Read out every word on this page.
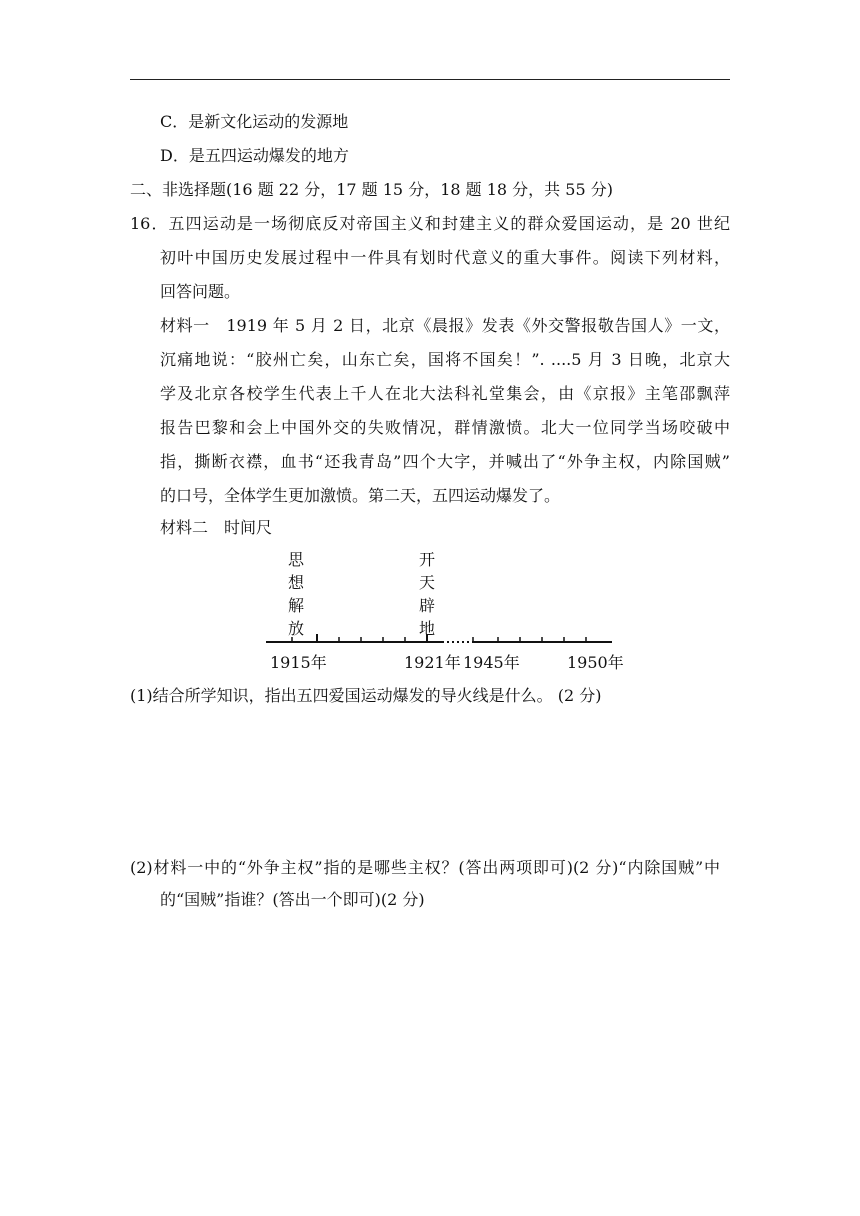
C．是新文化运动的发源地
D．是五四运动爆发的地方
二、非选择题(16 题 22 分，17 题 15 分，18 题 18 分，共 55 分)
16．五四运动是一场彻底反对帝国主义和封建主义的群众爱国运动，是 20 世纪
初叶中国历史发展过程中一件具有划时代意义的重大事件。阅读下列材料，
回答问题。
材料一　1919 年 5 月 2 日，北京《晨报》发表《外交警报敬告国人》一文，
沉痛地说：“胶州亡矣，山东亡矣，国将不国矣！”. ....5 月 3 日晚，北京大
学及北京各校学生代表上千人在北大法科礼堂集会，由《京报》主笔邵飘萍
报告巴黎和会上中国外交的失败情况，群情激愤。北大一位同学当场咬破中
指，撕断衣襟，血书“还我青岛”四个大字，并喊出了“外争主权，内除国贼”
的口号，全体学生更加激愤。第二天，五四运动爆发了。
材料二　时间尺
思想解放
开天辟地
1915年	1921年 1945年	1950年
(1)结合所学知识，指出五四爱国运动爆发的导火线是什么。 (2 分)
(2)材料一中的“外争主权”指的是哪些主权？(答出两项即可)(2 分)“内除国贼”中
的“国贼”指谁？(答出一个即可)(2 分)
